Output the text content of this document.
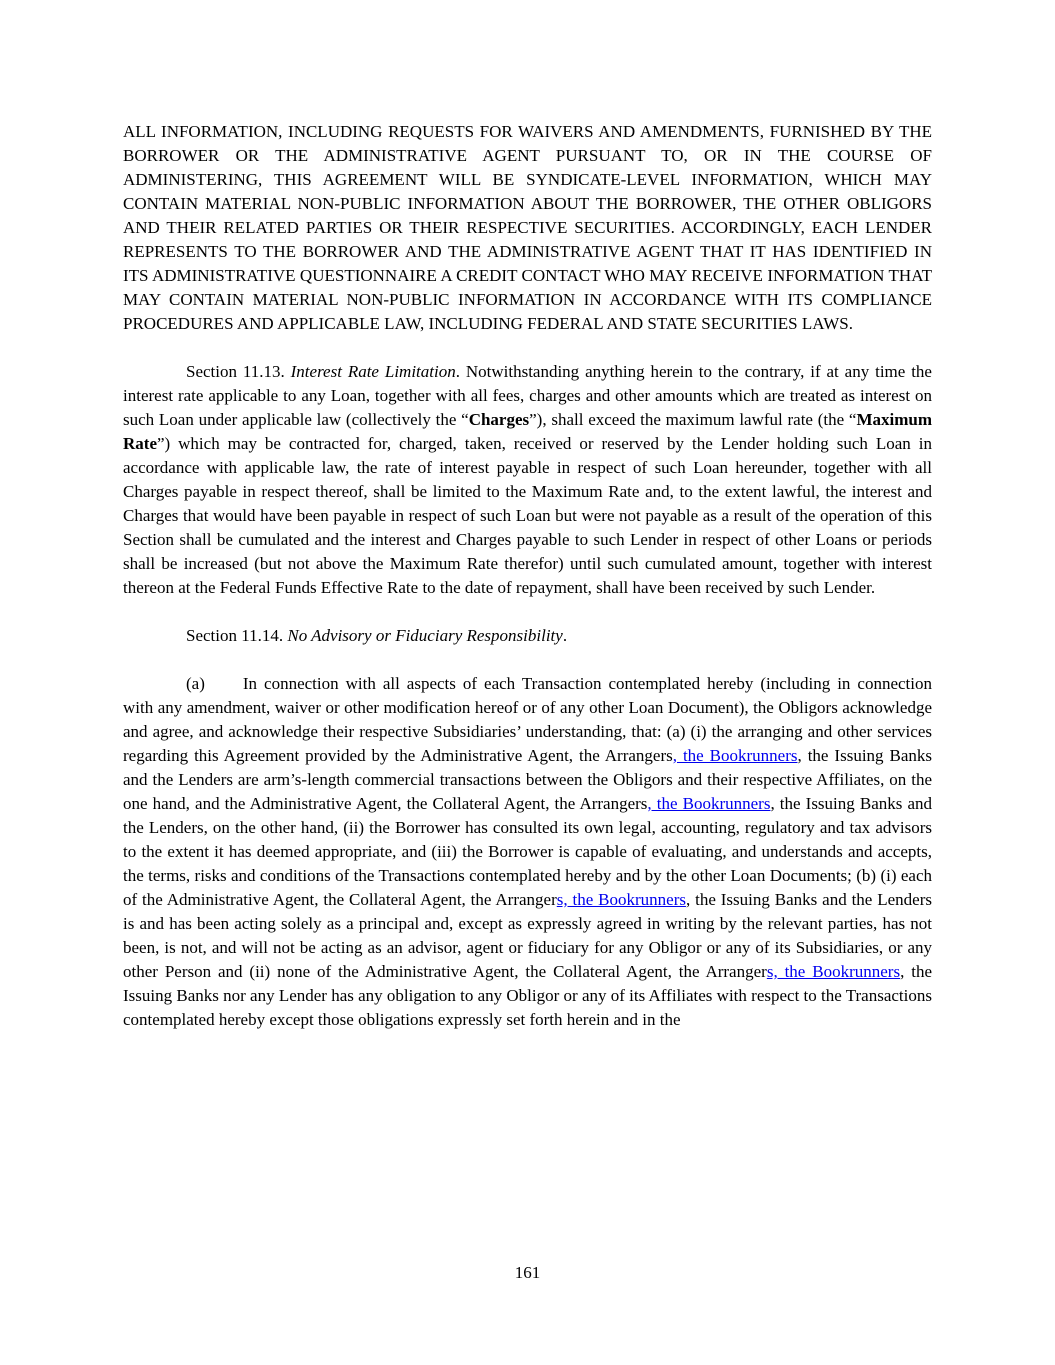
ALL INFORMATION, INCLUDING REQUESTS FOR WAIVERS AND AMENDMENTS, FURNISHED BY THE BORROWER OR THE ADMINISTRATIVE AGENT PURSUANT TO, OR IN THE COURSE OF ADMINISTERING, THIS AGREEMENT WILL BE SYNDICATE-LEVEL INFORMATION, WHICH MAY CONTAIN MATERIAL NON-PUBLIC INFORMATION ABOUT THE BORROWER, THE OTHER OBLIGORS AND THEIR RELATED PARTIES OR THEIR RESPECTIVE SECURITIES. ACCORDINGLY, EACH LENDER REPRESENTS TO THE BORROWER AND THE ADMINISTRATIVE AGENT THAT IT HAS IDENTIFIED IN ITS ADMINISTRATIVE QUESTIONNAIRE A CREDIT CONTACT WHO MAY RECEIVE INFORMATION THAT MAY CONTAIN MATERIAL NON-PUBLIC INFORMATION IN ACCORDANCE WITH ITS COMPLIANCE PROCEDURES AND APPLICABLE LAW, INCLUDING FEDERAL AND STATE SECURITIES LAWS.

Section 11.13. Interest Rate Limitation. Notwithstanding anything herein to the contrary, if at any time the interest rate applicable to any Loan, together with all fees, charges and other amounts which are treated as interest on such Loan under applicable law (collectively the “Charges”), shall exceed the maximum lawful rate (the “Maximum Rate”) which may be contracted for, charged, taken, received or reserved by the Lender holding such Loan in accordance with applicable law, the rate of interest payable in respect of such Loan hereunder, together with all Charges payable in respect thereof, shall be limited to the Maximum Rate and, to the extent lawful, the interest and Charges that would have been payable in respect of such Loan but were not payable as a result of the operation of this Section shall be cumulated and the interest and Charges payable to such Lender in respect of other Loans or periods shall be increased (but not above the Maximum Rate therefor) until such cumulated amount, together with interest thereon at the Federal Funds Effective Rate to the date of repayment, shall have been received by such Lender.

Section 11.14. No Advisory or Fiduciary Responsibility.

(a) In connection with all aspects of each Transaction contemplated hereby (including in connection with any amendment, waiver or other modification hereof or of any other Loan Document), the Obligors acknowledge and agree, and acknowledge their respective Subsidiaries’ understanding, that: (a) (i) the arranging and other services regarding this Agreement provided by the Administrative Agent, the Arrangers, the Bookrunners, the Issuing Banks and the Lenders are arm’s-length commercial transactions between the Obligors and their respective Affiliates, on the one hand, and the Administrative Agent, the Collateral Agent, the Arrangers, the Bookrunners, the Issuing Banks and the Lenders, on the other hand, (ii) the Borrower has consulted its own legal, accounting, regulatory and tax advisors to the extent it has deemed appropriate, and (iii) the Borrower is capable of evaluating, and understands and accepts, the terms, risks and conditions of the Transactions contemplated hereby and by the other Loan Documents; (b) (i) each of the Administrative Agent, the Collateral Agent, the Arrangers, the Bookrunners, the Issuing Banks and the Lenders is and has been acting solely as a principal and, except as expressly agreed in writing by the relevant parties, has not been, is not, and will not be acting as an advisor, agent or fiduciary for any Obligor or any of its Subsidiaries, or any other Person and (ii) none of the Administrative Agent, the Collateral Agent, the Arrangers, the Bookrunners, the Issuing Banks nor any Lender has any obligation to any Obligor or any of its Affiliates with respect to the Transactions contemplated hereby except those obligations expressly set forth herein and in the

161
